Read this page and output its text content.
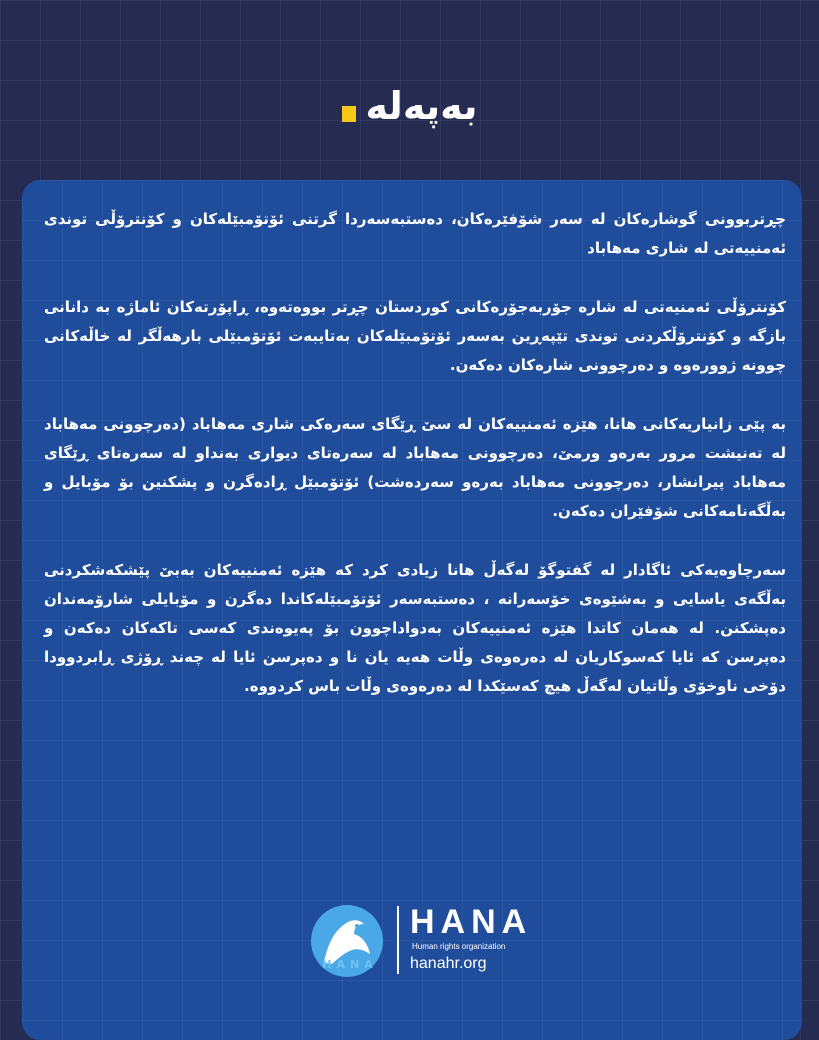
بەپەلە

چڕتربوونی گوشارەکان لە سەر شۆفێرەکان، دەستبەسەردا گرتنی ئۆتۆمبێلەکان و کۆنترۆڵی توندی ئەمنییەتی لە شاری مەهاباد

کۆنترۆڵی ئەمنیەتی لە شارە جۆربەجۆرەکانی کوردستان چڕتر بووەتەوە، ڕاپۆرتەکان ئاماژە بە دانانی بازگە و کۆنترۆڵکردنی توندی تێپەڕین بەسەر ئۆتۆمبێلەکان بەتایبەت ئۆتۆمبێلی بارهەڵگر لە خاڵەکانی چوونە ژوورەوە و دەرچوونی شارەکان دەکەن.

بە پێی زانیاریەکانی هانا، هێزە ئەمنییەکان لە سێ ڕێگای سەرەکی شاری مەهاباد (دەرچوونی مەهاباد لە تەنیشت مرور بەرەو ورمێ، دەرچوونی مەهاباد لە سەرەتای دیواری بەنداو لە سەرەتای ڕێگای مەهاباد پیرانشار، دەرچوونی مەهاباد بەرەو سەردەشت) ئۆتۆمبێل ڕادەگرن و پشکنین بۆ مۆبایل و بەڵگەنامەکانی شۆفێران دەکەن.

سەرچاوەیەکی ئاگادار لە گفتوگۆ لەگەڵ هانا زیادی کرد کە هێزە ئەمنییەکان بەبێ پێشکەشکردنی بەڵگەی یاسایی و بەشێوەی خۆسەرانە ، دەستبەسەر ئۆتۆمبێلەکاندا دەگرن و مۆبایلی شارۆمەندان دەپشکنن. لە هەمان کاتدا هێزە ئەمنییەکان بەدواداچوون بۆ پەیوەندی کەسی تاکەکان دەکەن و دەپرسن کە ئایا کەسوکاریان لە دەرەوەی وڵات هەیە یان نا و دەپرسن ئایا لە چەند ڕۆژی ڕابردوودا دۆخی ناوخۆی وڵاتیان لەگەڵ هیچ کەسێکدا لە دەرەوەی وڵات باس کردووە.

HANA
HANA
Human rights organization
hanahr.org
